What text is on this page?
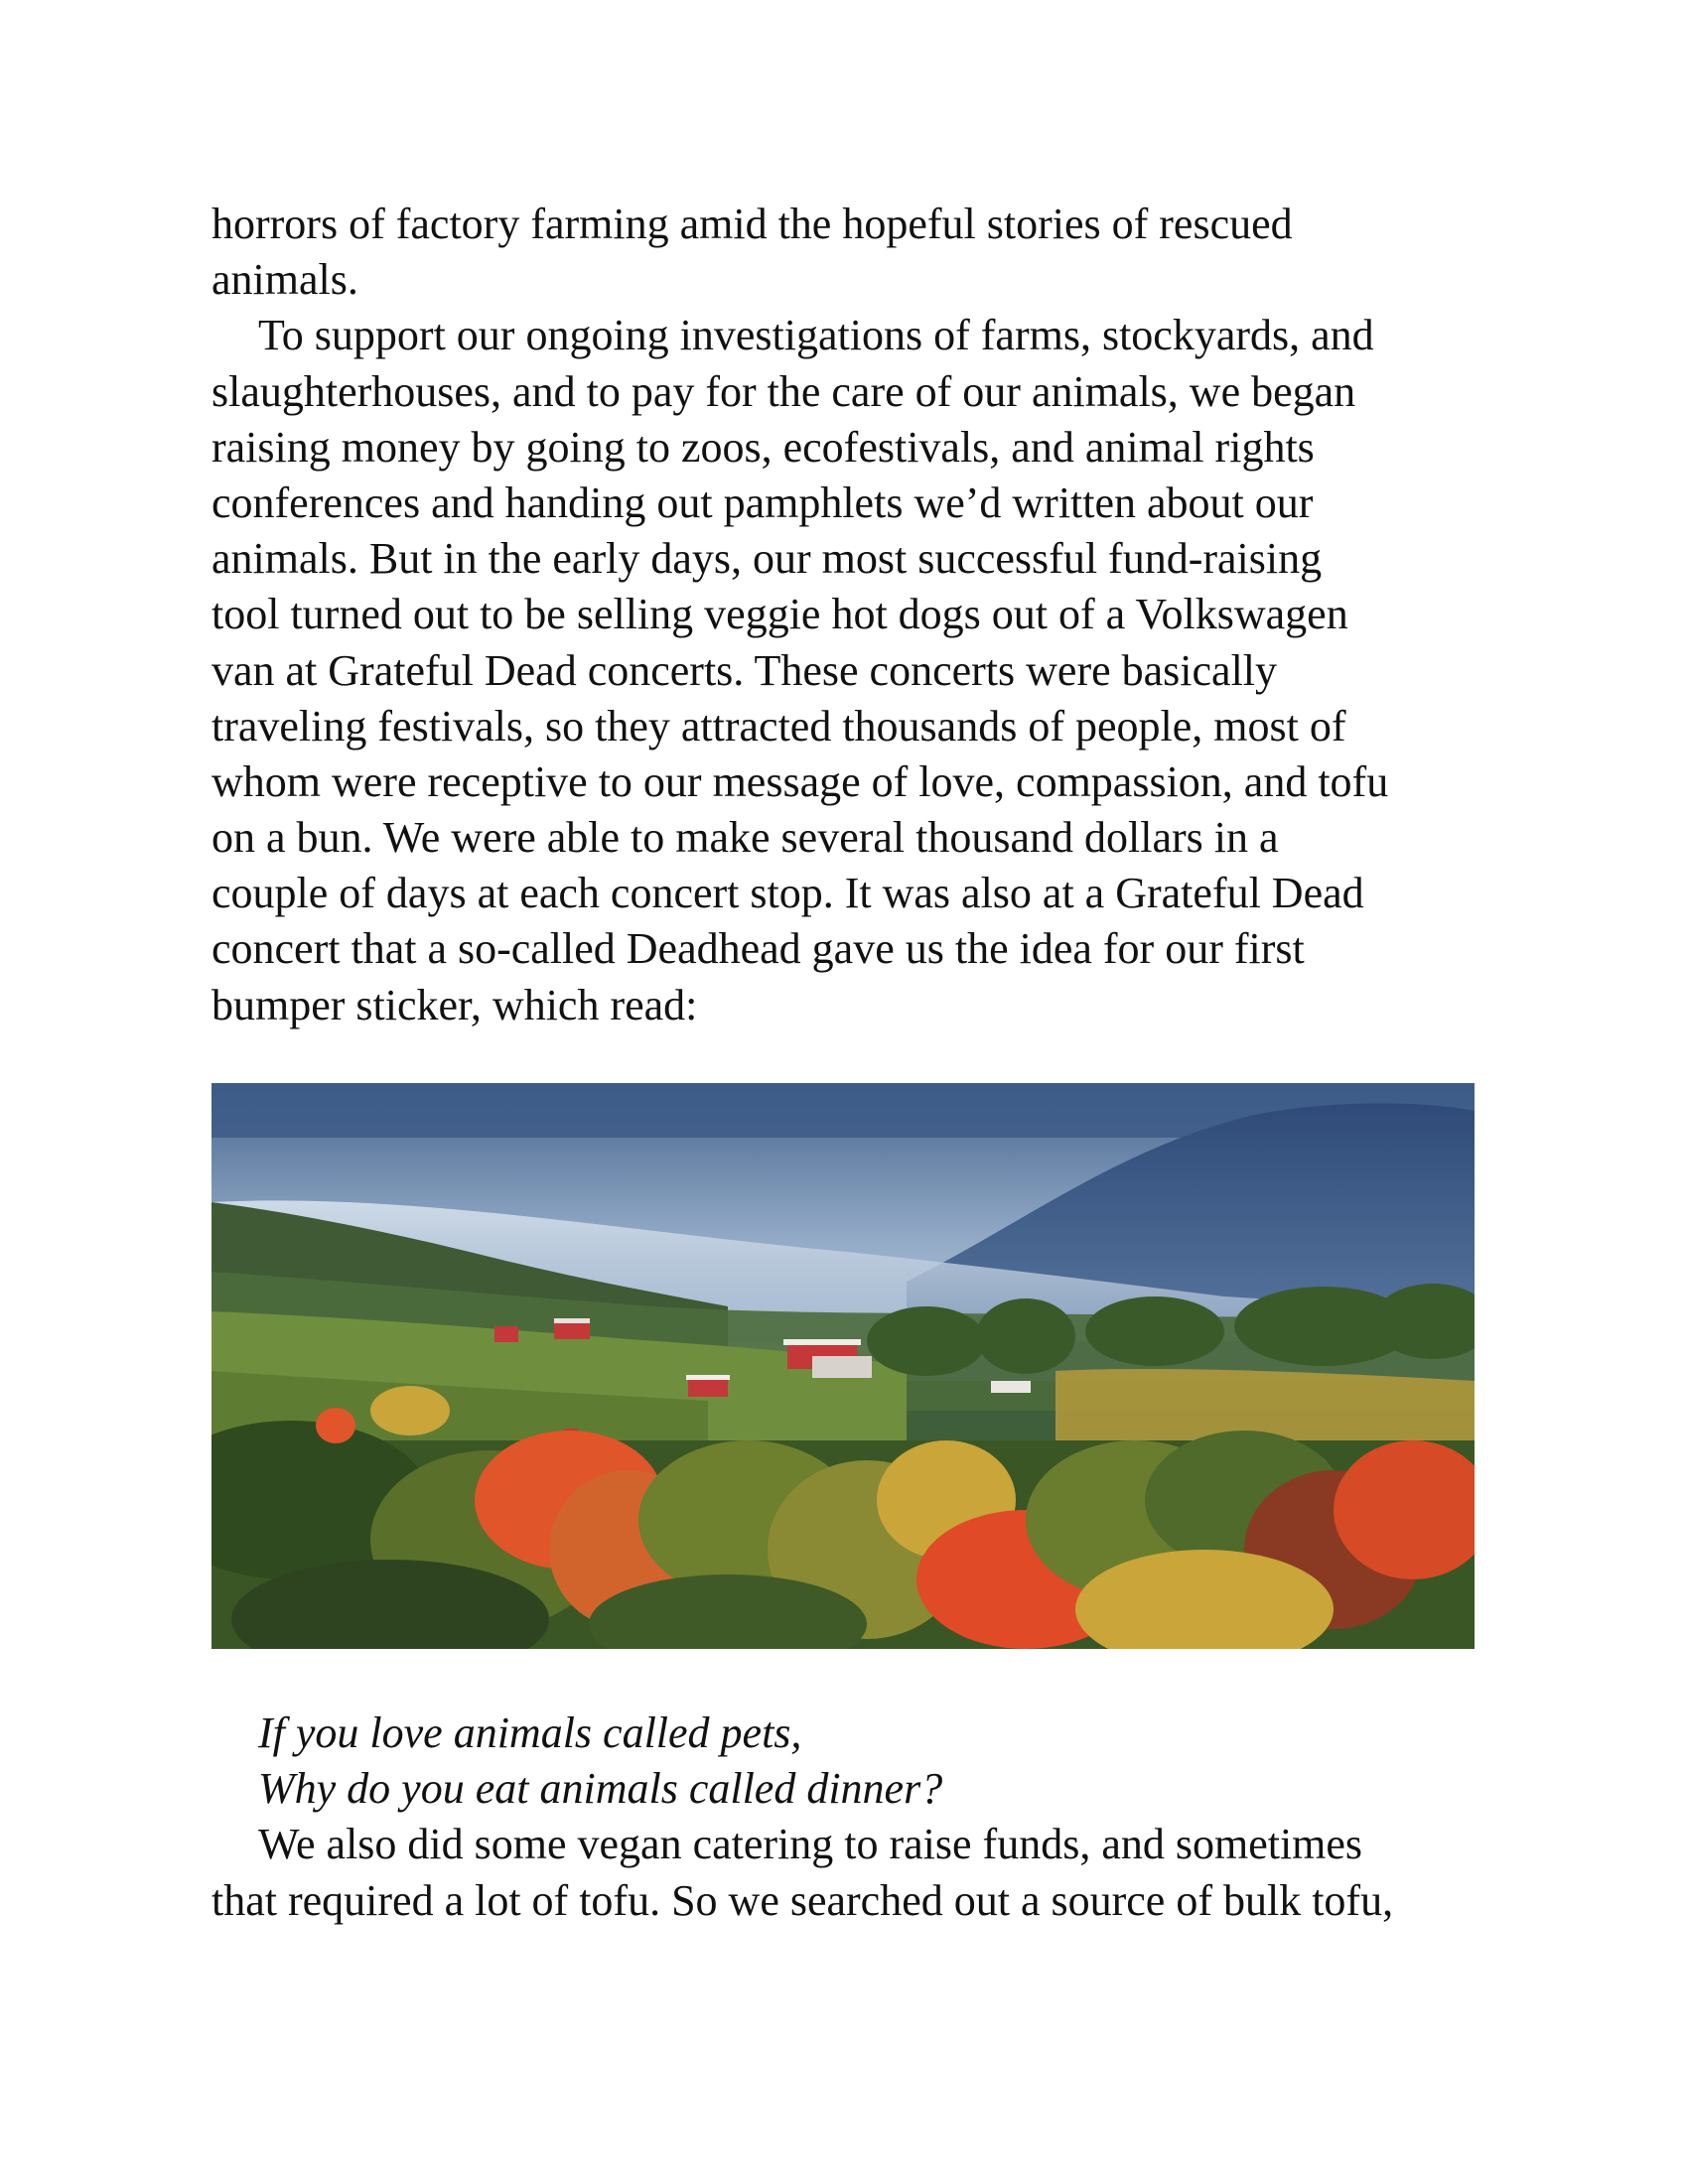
horrors of factory farming amid the hopeful stories of rescued
animals.
To support our ongoing investigations of farms, stockyards, and
slaughterhouses, and to pay for the care of our animals, we began
raising money by going to zoos, ecofestivals, and animal rights
conferences and handing out pamphlets we’d written about our
animals. But in the early days, our most successful fund-raising
tool turned out to be selling veggie hot dogs out of a Volkswagen
van at Grateful Dead concerts. These concerts were basically
traveling festivals, so they attracted thousands of people, most of
whom were receptive to our message of love, compassion, and tofu
on a bun. We were able to make several thousand dollars in a
couple of days at each concert stop. It was also at a Grateful Dead
concert that a so-called Deadhead gave us the idea for our first
bumper sticker, which read:
If you love animals called pets,
Why do you eat animals called dinner?
We also did some vegan catering to raise funds, and sometimes
that required a lot of tofu. So we searched out a source of bulk tofu,
